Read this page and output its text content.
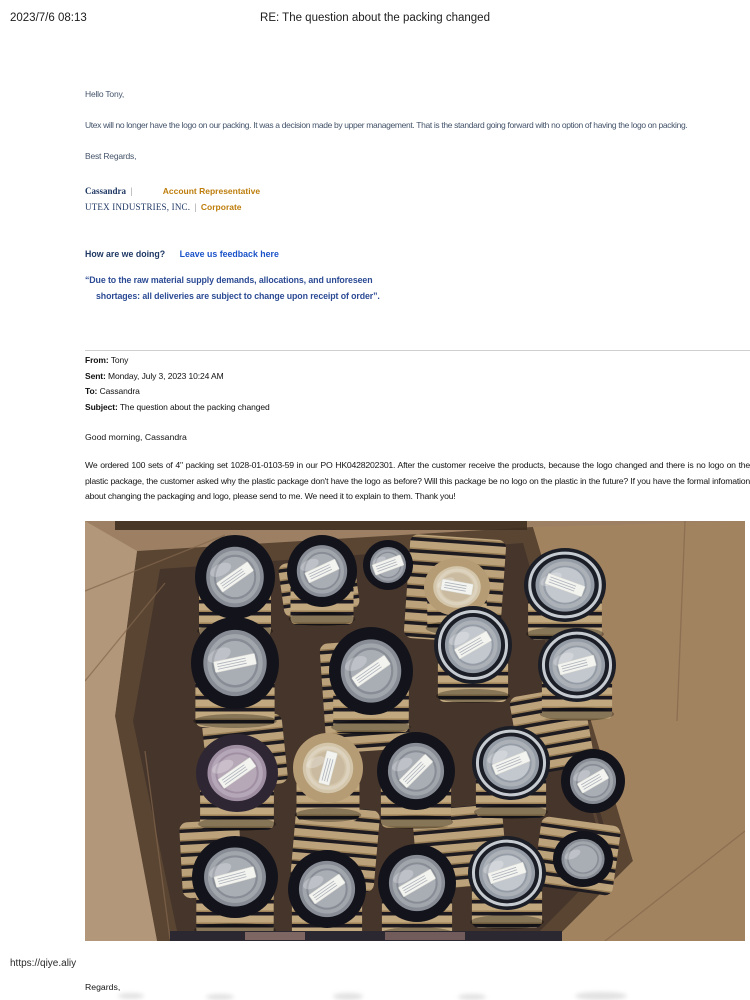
2023/7/6 08:13	RE: The question about the packing changed
Hello Tony,
Utex will no longer have the logo on our packing. It was a decision made by upper management. That is the standard going forward with no option of having the logo on packing.
Best Regards,
Cassandra |	Account Representative
UTEX INDUSTRIES, INC. | Corporate
How are we doing? Leave us feedback here
“Due to the raw material supply demands, allocations, and unforeseen
shortages: all deliveries are subject to change upon receipt of order”.
From: Tony
Sent: Monday, July 3, 2023 10:24 AM
To: Cassandra
Subject: The question about the packing changed
Good morning, Cassandra
We ordered 100 sets of 4" packing set 1028-01-0103-59 in our PO HK0428202301. After the customer receive the products, because the logo changed and there is no logo on the plastic package, the customer asked why the plastic package don't have the logo as before? Will this package be no logo on the plastic in the future? If you have the formal infomation about changing the packaging and logo, please send to me. We need it to explain to them. Thank you!
https://qiye.aliy
Regards,
